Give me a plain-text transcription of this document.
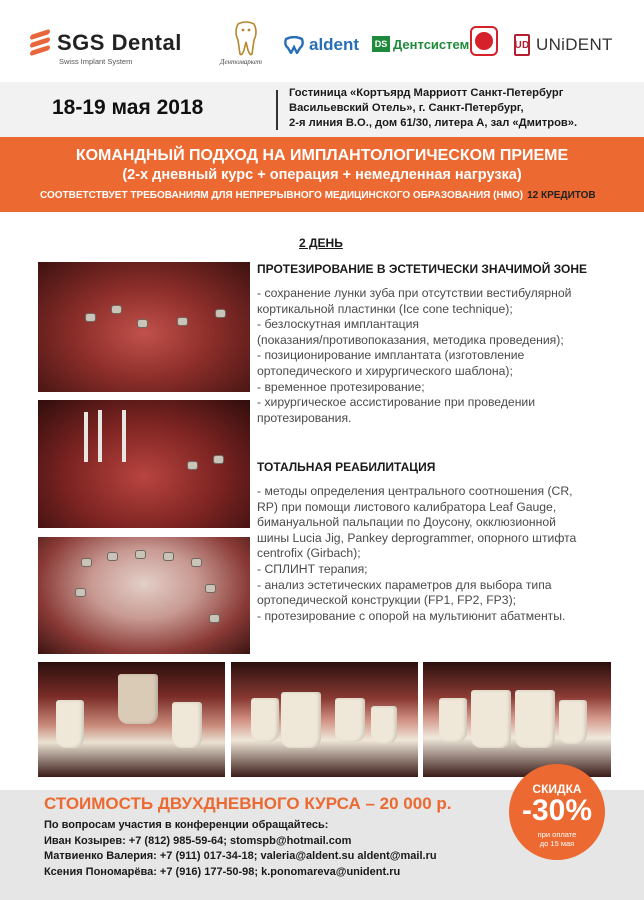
SGS Dental
Swiss Implant System	Дентомаркет
aldent	DS Дентсистем	UD UNiDENT
18-19 мая 2018
Гостиница «Кортъярд Марриотт Санкт-Петербург
Васильевский Отель», г. Санкт-Петербург,
2-я линия В.О., дом 61/30, литера А, зал «Дмитров».
КОМАНДНЫЙ ПОДХОД НА ИМПЛАНТОЛОГИЧЕСКОМ ПРИЕМЕ
(2-х дневный курс + операция + немедленная нагрузка)
СООТВЕТСТВУЕТ ТРЕБОВАНИЯМ ДЛЯ НЕПРЕРЫВНОГО МЕДИЦИНСКОГО ОБРАЗОВАНИЯ (НМО) 12 КРЕДИТОВ
2 ДЕНЬ
ПРОТЕЗИРОВАНИЕ В ЭСТЕТИЧЕСКИ ЗНАЧИМОЙ ЗОНЕ

- сохранение лунки зуба при отсутствии вестибулярной
кортикальной пластинки (Ice cone technique);
- безлоскутная имплантация
(показания/противопоказания, методика проведения);
- позиционирование имплантата (изготовление
ортопедического и хирургического шаблона);
- временное протезирование;
- хирургическое ассистирование при проведении
протезирования.

ТОТАЛЬНАЯ РЕАБИЛИТАЦИЯ

- методы определения центрального соотношения (CR,
RP) при помощи листового калибратора Leaf Gauge,
бимануальной пальпации по Доусону, окклюзионной
шины Lucia Jig, Pankey deprogrammer, опорного штифта
centrofix (Girbach);
- СПЛИНТ терапия;
- анализ эстетических параметров для выбора типа
ортопедической конструкции (FP1, FP2, FP3);
- протезирование с опорой на мультиюнит абатменты.

СТОИМОСТЬ ДВУХДНЕВНОГО КУРСА – 20 000 р.
По вопросам участия в конференции обращайтесь:
Иван Козырев: +7 (812) 985-59-64; stomspb@hotmail.com
Матвиенко Валерия: +7 (911) 017-34-18; valeria@aldent.su aldent@mail.ru
Ксения Пономарёва: +7 (916) 177-50-98; k.ponomareva@unident.ru
СКИДКА
-30%
при оплате
до 15 мая
